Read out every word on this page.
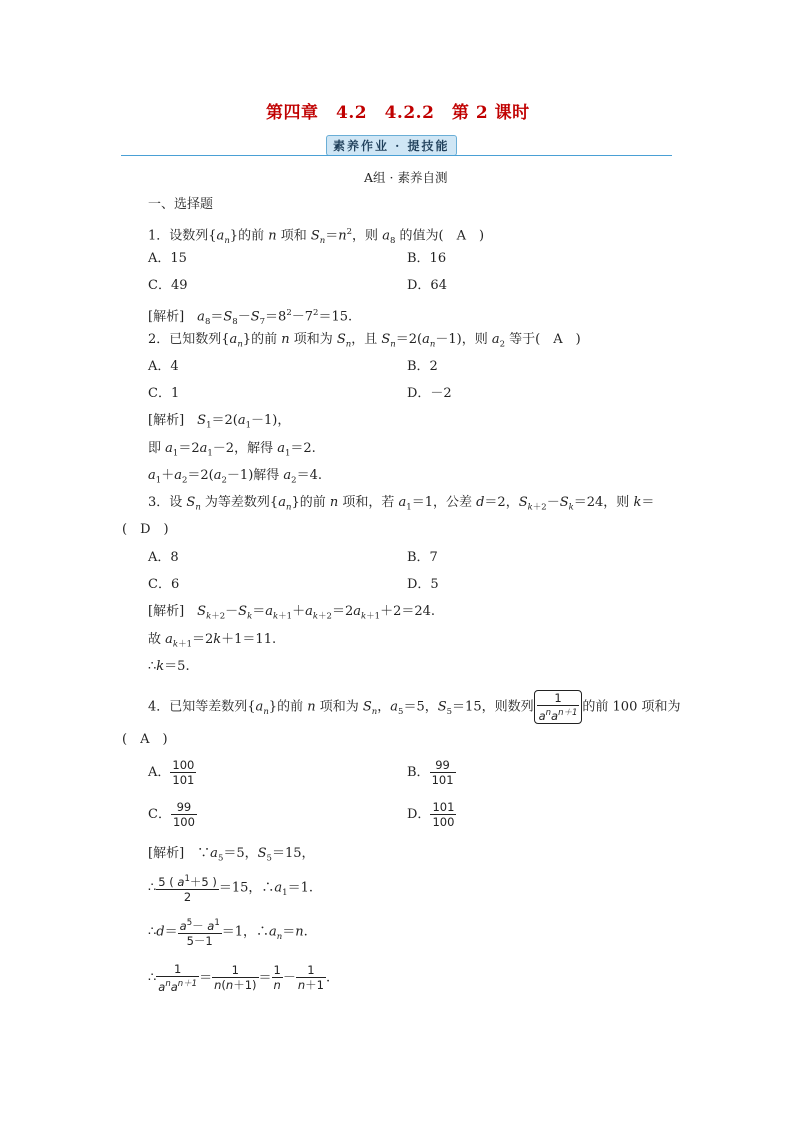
第四章　4.2　4.2.2　第 2 课时
素养作业 · 提技能
A组 · 素养自测
一、选择题
1．设数列$\{a_n\}$的前 n 项和 $S_n=n^2$，则 $a_8$ 的值为(　A　)
A．15	B．16
C．49	D．64
[解析]　 $a_8=S_8-S_7=8^2-7^2=15$.
2．已知数列$\{a_n\}$的前 n 项和为 $S_n$，且 $S_n=2(a_n-1)$，则 $a_2$ 等于(　A　)
A．4	B．2
C．1	D．－2
[解析]　 $S_1=2(a_1-1)$，
即 $a_1=2a_1-2$，解得 $a_1=2$.
$a_1+a_2=2(a_2-1)$解得 $a_2=4$.
3．设 $S_n$ 为等差数列$\{a_n\}$的前 n 项和，若 $a_1=1$，公差 d＝2，$S_{k+2}-S_k=24$，则 k＝
(　D　)
A．8	B．7
C．6	D．5
[解析]　 $S_{k+2}-S_k=a_{k+1}+a_{k+2}=2a_{k+1}+2=24$.
故 $a_{k+1}=2k+1=11$.
∴k＝5.
4．已知等差数列$\{a_n\}$的前 n 项和为 $S_n$，$a_5=5$，$S_5=15$，则数列 $\frac{1}{a^na^{n+1}}$ 的前 100 项和为
(　A　)
A． $\frac{100}{101}$	B． $\frac{99}{101}$
C． $\frac{99}{100}$	D． $\frac{101}{100}$
[解析]　$\because a_5=5$，$S_5=15$，
∴ $\frac{5 ( a^1+5 )}{2} =15$，$\therefore a_1=1$.
∴d＝ $\frac{a^5- a^1}{5-1} =1$，$\therefore a_n=n$.
∴ $\frac{1}{a^na^{n+1}} = \frac{1}{n(n+1)} = \frac{1}{n} - \frac{1}{n+1}$ .
